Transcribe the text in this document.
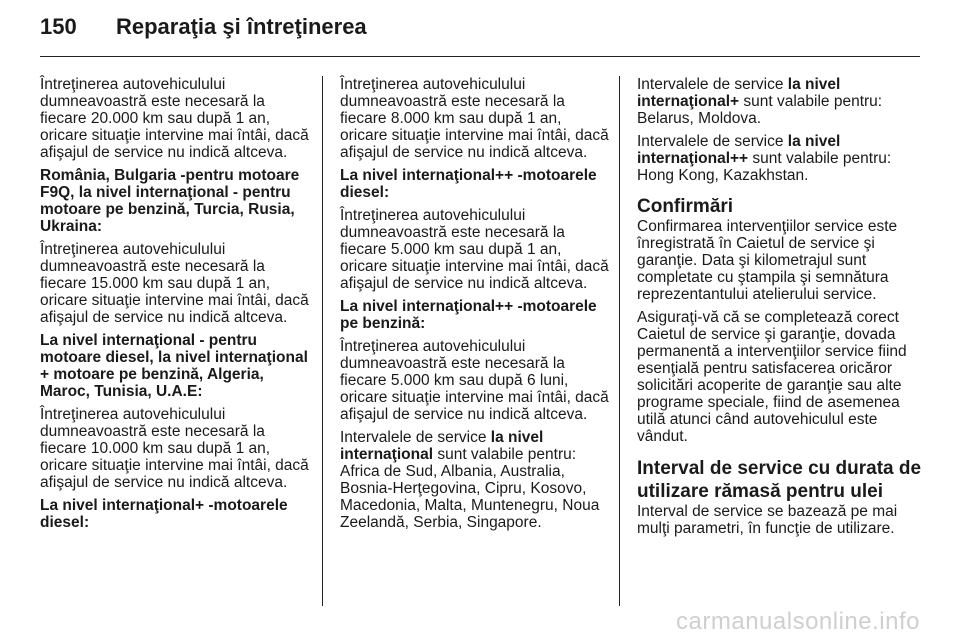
150	Reparaţia şi întreţinerea

Întreţinerea autovehiculului dumneavoastră este necesară la fiecare 20.000 km sau după 1 an, oricare situaţie intervine mai întâi, dacă afişajul de service nu indică altceva.

România, Bulgaria -pentru motoare F9Q, la nivel internaţional - pentru motoare pe benzină, Turcia, Rusia, Ukraina:

Întreţinerea autovehiculului dumneavoastră este necesară la fiecare 15.000 km sau după 1 an, oricare situaţie intervine mai întâi, dacă afişajul de service nu indică altceva.

La nivel internaţional - pentru motoare diesel, la nivel internaţional + motoare pe benzină, Algeria, Maroc, Tunisia, U.A.E:

Întreţinerea autovehiculului dumneavoastră este necesară la fiecare 10.000 km sau după 1 an, oricare situaţie intervine mai întâi, dacă afişajul de service nu indică altceva.

La nivel internaţional+ -motoarele diesel:

Întreţinerea autovehiculului dumneavoastră este necesară la fiecare 8.000 km sau după 1 an, oricare situaţie intervine mai întâi, dacă afişajul de service nu indică altceva.

La nivel internaţional++ -motoarele diesel:

Întreţinerea autovehiculului dumneavoastră este necesară la fiecare 5.000 km sau după 1 an, oricare situaţie intervine mai întâi, dacă afişajul de service nu indică altceva.

La nivel internaţional++ -motoarele pe benzină:

Întreţinerea autovehiculului dumneavoastră este necesară la fiecare 5.000 km sau după 6 luni, oricare situaţie intervine mai întâi, dacă afişajul de service nu indică altceva.

Intervalele de service la nivel internaţional sunt valabile pentru: Africa de Sud, Albania, Australia, Bosnia-Herţegovina, Cipru, Kosovo, Macedonia, Malta, Muntenegru, Noua Zeelandă, Serbia, Singapore.

Intervalele de service la nivel internaţional+ sunt valabile pentru: Belarus, Moldova.

Intervalele de service la nivel internaţional++ sunt valabile pentru: Hong Kong, Kazakhstan.

Confirmări

Confirmarea intervenţiilor service este înregistrată în Caietul de service şi garanţie. Data şi kilometrajul sunt completate cu ştampila şi semnătura reprezentantului atelierului service.

Asiguraţi-vă că se completează corect Caietul de service şi garanţie, dovada permanentă a intervenţiilor service fiind esenţială pentru satisfacerea oricăror solicitări acoperite de garanţie sau alte programe speciale, fiind de asemenea utilă atunci când autovehiculul este vândut.

Interval de service cu durata de utilizare rămasă pentru ulei

Interval de service se bazează pe mai mulţi parametri, în funcţie de utilizare.

carmanualsonline.info
